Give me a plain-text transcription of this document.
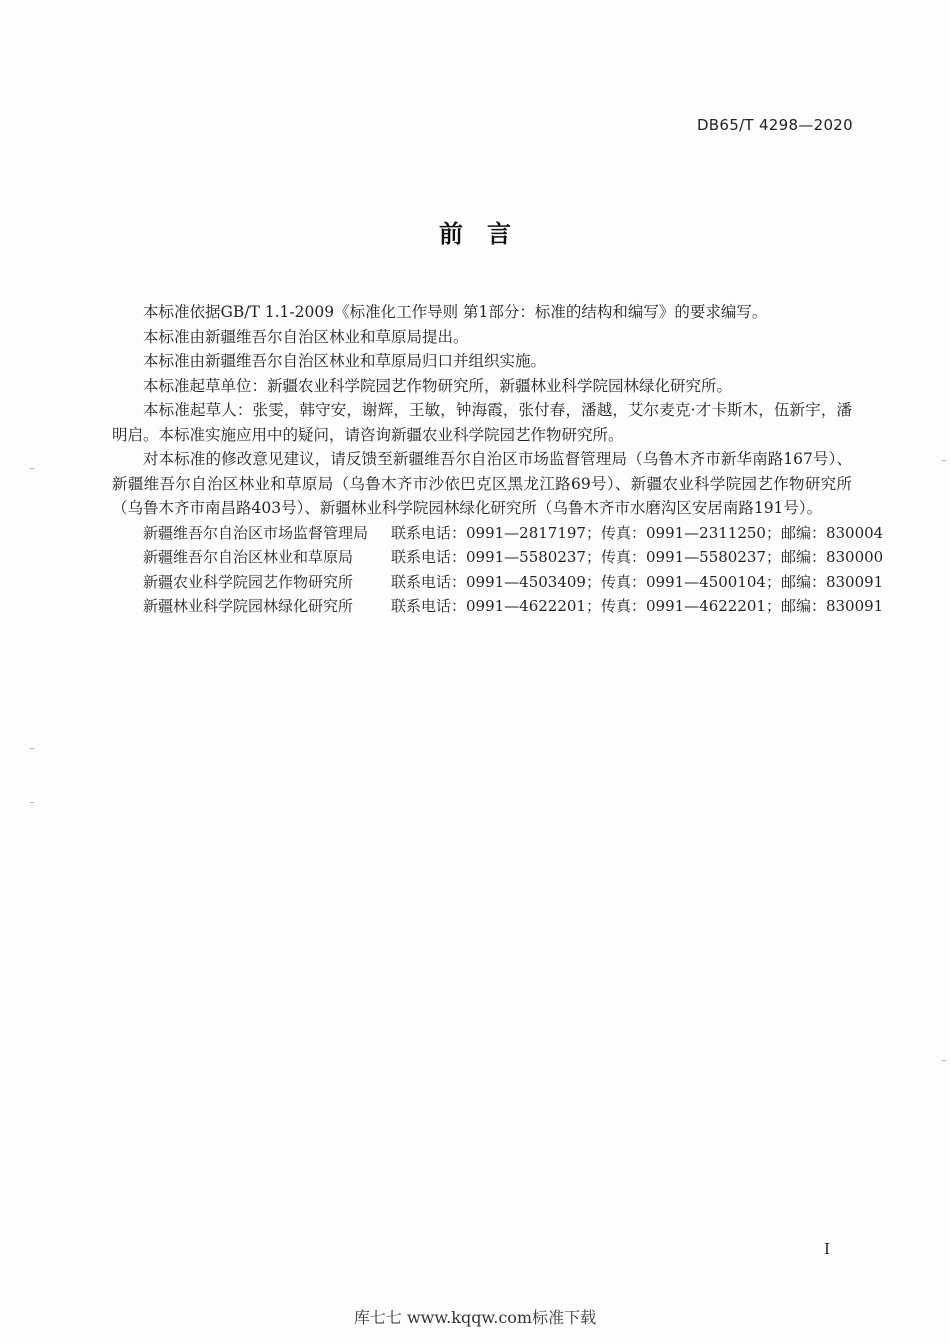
DB65/T 4298—2020
前言

本标准依据GB/T 1.1-2009《标准化工作导则 第1部分：标准的结构和编写》的要求编写。

本标准由新疆维吾尔自治区林业和草原局提出。

本标准由新疆维吾尔自治区林业和草原局归口并组织实施。

本标准起草单位：新疆农业科学院园艺作物研究所，新疆林业科学院园林绿化研究所。

本标准起草人：张雯，韩守安，谢辉，王敏，钟海霞，张付春，潘越，艾尔麦克·才卡斯木，伍新宇，潘明启。本标准实施应用中的疑问，请咨询新疆农业科学院园艺作物研究所。

对本标准的修改意见建议，请反馈至新疆维吾尔自治区市场监督管理局（乌鲁木齐市新华南路167号）、新疆维吾尔自治区林业和草原局（乌鲁木齐市沙依巴克区黑龙江路69号）、新疆农业科学院园艺作物研究所（乌鲁木齐市南昌路403号）、新疆林业科学院园林绿化研究所（乌鲁木齐市水磨沟区安居南路191号）。

新疆维吾尔自治区市场监督管理局	联系电话：0991—2817197；传真：0991—2311250；邮编：830004
新疆维吾尔自治区林业和草原局	联系电话：0991—5580237；传真：0991—5580237；邮编：830000
新疆农业科学院园艺作物研究所	联系电话：0991—4503409；传真：0991—4500104；邮编：830091
新疆林业科学院园林绿化研究所	联系电话：0991—4622201；传真：0991—4622201；邮编：830091
I
库七七 www.kqqw.com标准下载
